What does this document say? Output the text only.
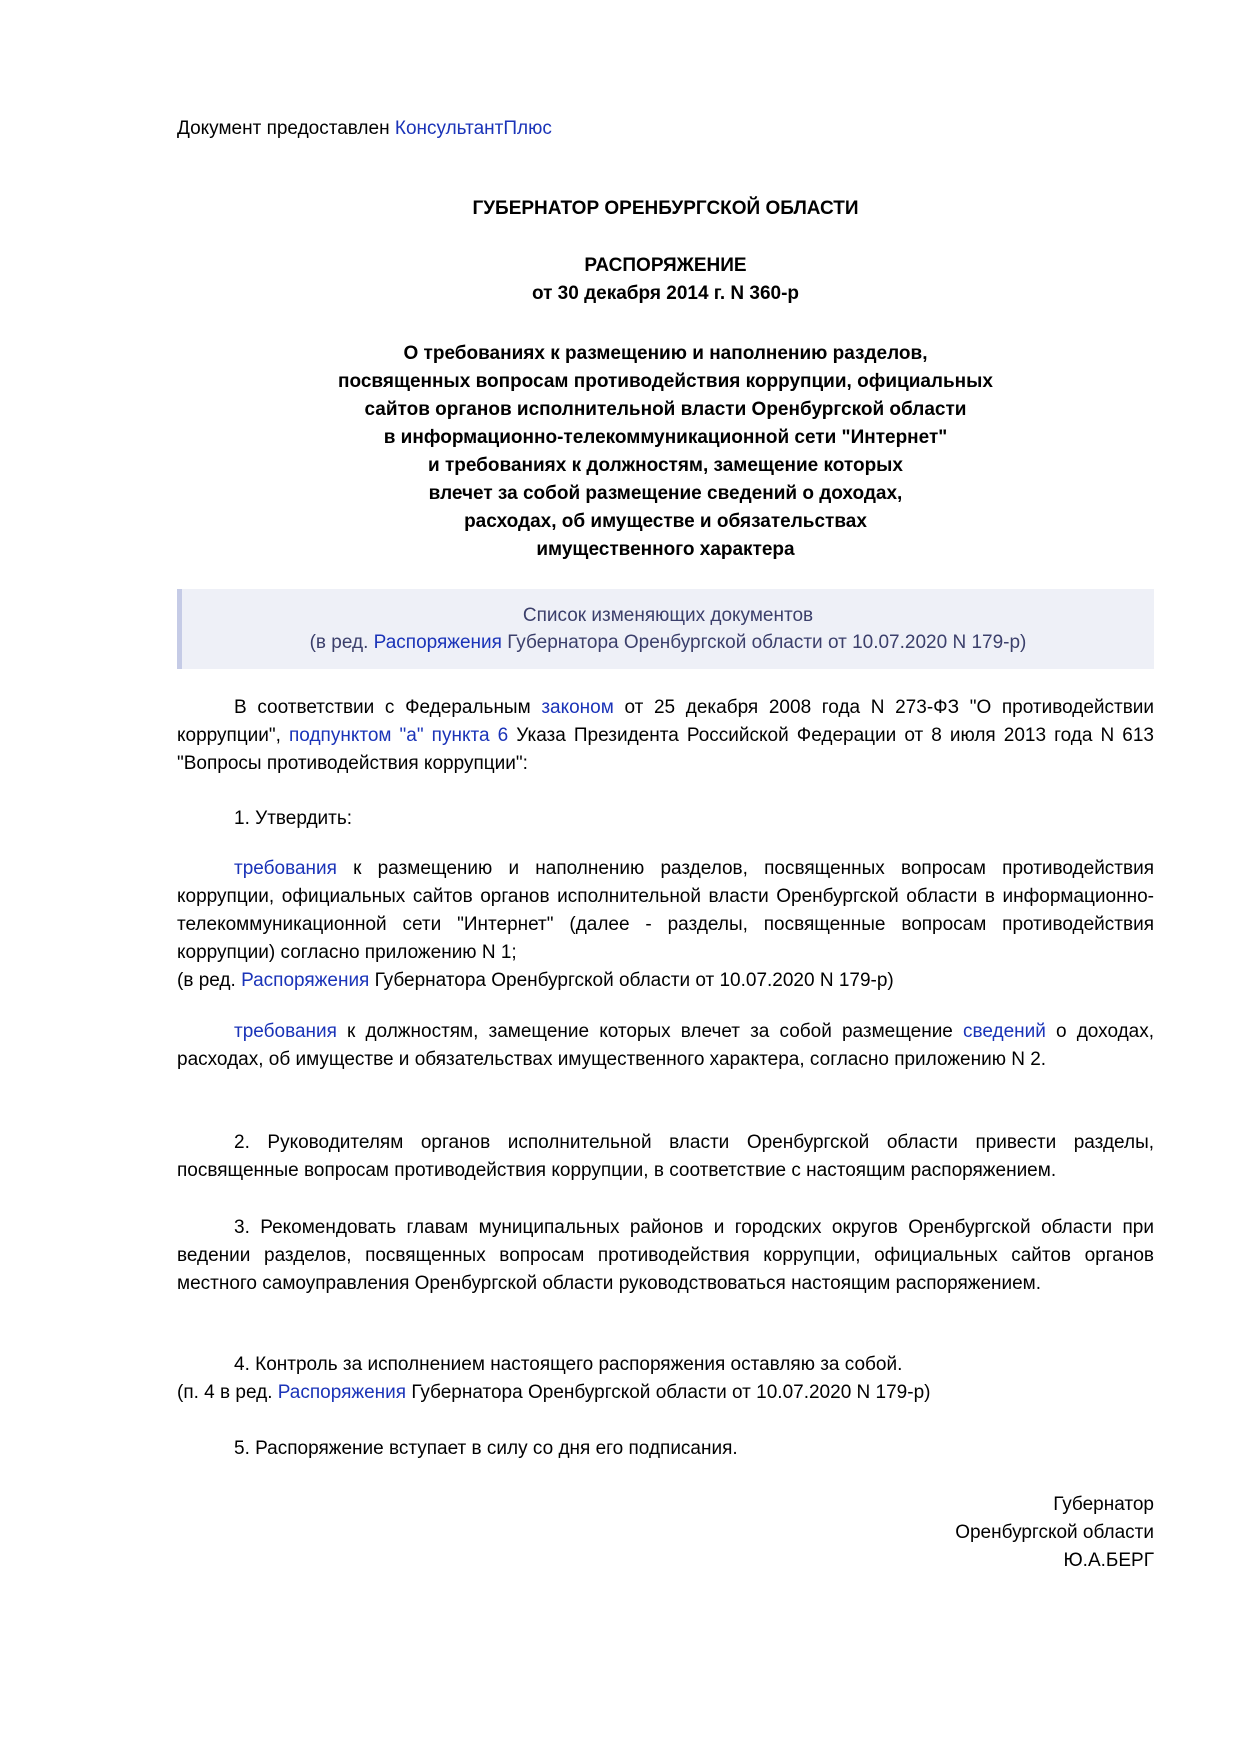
Документ предоставлен КонсультантПлюс
ГУБЕРНАТОР ОРЕНБУРГСКОЙ ОБЛАСТИ
РАСПОРЯЖЕНИЕ
от 30 декабря 2014 г. N 360-р
О требованиях к размещению и наполнению разделов,
посвященных вопросам противодействия коррупции, официальных
сайтов органов исполнительной власти Оренбургской области
в информационно-телекоммуникационной сети "Интернет"
и требованиях к должностям, замещение которых
влечет за собой размещение сведений о доходах,
расходах, об имуществе и обязательствах
имущественного характера
Список изменяющих документов
(в ред. Распоряжения Губернатора Оренбургской области от 10.07.2020 N 179-р)
В соответствии с Федеральным законом от 25 декабря 2008 года N 273-ФЗ "О противодействии коррупции", подпунктом "а" пункта 6 Указа Президента Российской Федерации от 8 июля 2013 года N 613 "Вопросы противодействия коррупции":
1. Утвердить:
требования к размещению и наполнению разделов, посвященных вопросам противодействия коррупции, официальных сайтов органов исполнительной власти Оренбургской области в информационно-телекоммуникационной сети "Интернет" (далее - разделы, посвященные вопросам противодействия коррупции) согласно приложению N 1;
(в ред. Распоряжения Губернатора Оренбургской области от 10.07.2020 N 179-р)
требования к должностям, замещение которых влечет за собой размещение сведений о доходах, расходах, об имуществе и обязательствах имущественного характера, согласно приложению N 2.
2. Руководителям органов исполнительной власти Оренбургской области привести разделы, посвященные вопросам противодействия коррупции, в соответствие с настоящим распоряжением.
3. Рекомендовать главам муниципальных районов и городских округов Оренбургской области при ведении разделов, посвященных вопросам противодействия коррупции, официальных сайтов органов местного самоуправления Оренбургской области руководствоваться настоящим распоряжением.
4. Контроль за исполнением настоящего распоряжения оставляю за собой.
(п. 4 в ред. Распоряжения Губернатора Оренбургской области от 10.07.2020 N 179-р)
5. Распоряжение вступает в силу со дня его подписания.
Губернатор
Оренбургской области
Ю.А.БЕРГ
